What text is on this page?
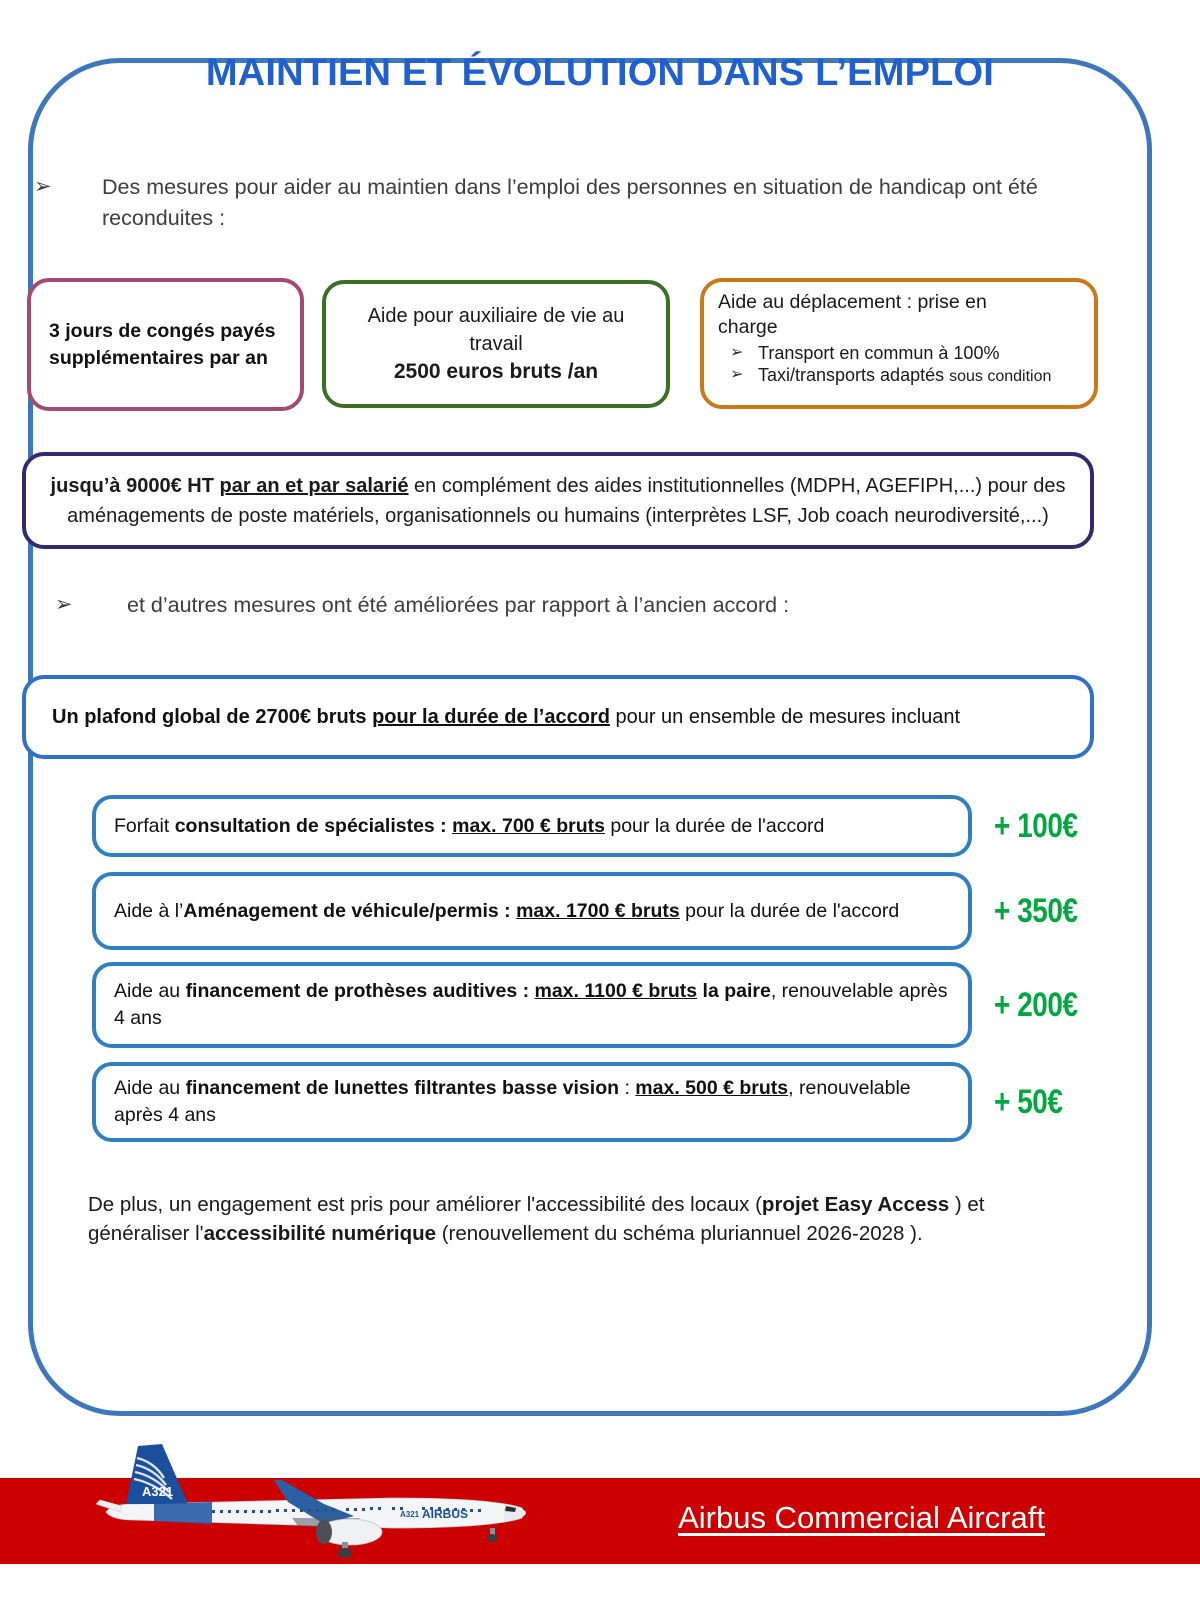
MAINTIEN ET ÉVOLUTION DANS L’EMPLOI
➢	Des mesures pour aider au maintien dans l’emploi des personnes en situation de handicap ont été reconduites :
3 jours de congés payés
supplémentaires par an
Aide pour auxiliaire de vie au
travail
2500 euros bruts /an
Aide au déplacement : prise en
charge
➢ Transport en commun à 100%
➢ Taxi/transports adaptés sous condition
jusqu’à 9000€ HT par an et par salarié en complément des aides institutionnelles (MDPH, AGEFIPH,...) pour des aménagements de poste matériels, organisationnels ou humains (interprètes LSF, Job coach neurodiversité,...)
➢	et d’autres mesures ont été améliorées par rapport à l’ancien accord :
Un plafond global de 2700€ bruts pour la durée de l’accord pour un ensemble de mesures incluant
Forfait consultation de spécialistes : max. 700 € bruts pour la durée de l'accord	+ 100€
Aide à l’Aménagement de véhicule/permis : max. 1700 € bruts pour la durée de l'accord	+ 350€
Aide au financement de prothèses auditives : max. 1100 € bruts la paire, renouvelable après 4 ans	+ 200€
Aide au financement de lunettes filtrantes basse vision : max. 500 € bruts, renouvelable après 4 ans	+ 50€
De plus, un engagement est pris pour améliorer l'accessibilité des locaux (projet Easy Access ) et généraliser l'accessibilité numérique (renouvellement du schéma pluriannuel 2026-2028 ).
Airbus Commercial Aircraft
A321
AIRBUS
A321
